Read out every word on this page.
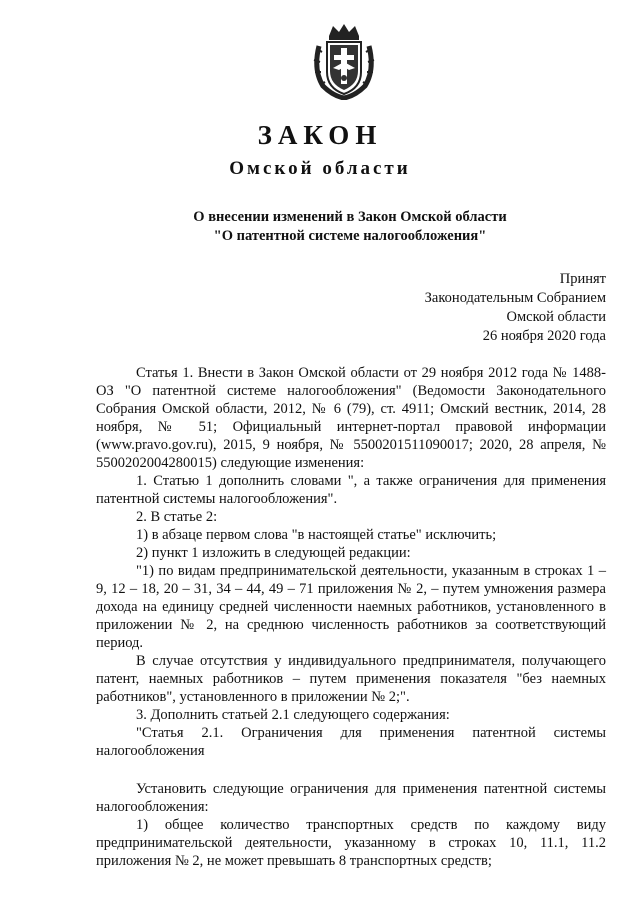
ЗАКОН
Омской области
О внесении изменений в Закон Омской области
"О патентной системе налогообложения"
Принят
Законодательным Собранием
Омской области
26 ноября 2020 года

Статья 1. Внести в Закон Омской области от 29 ноября 2012 года № 1488-ОЗ "О патентной системе налогообложения" (Ведомости Законодательного Собрания Омской области, 2012, № 6 (79), ст. 4911; Омский вестник, 2014, 28 ноября, № 51; Официальный интернет-портал правовой информации (www.pravo.gov.ru), 2015, 9 ноября, № 5500201511090017; 2020, 28 апреля, № 5500202004280015) следующие изменения:

1. Статью 1 дополнить словами ", а также ограничения для применения патентной системы налогообложения".

2. В статье 2:

1) в абзаце первом слова "в настоящей статье" исключить;

2) пункт 1 изложить в следующей редакции:

"1) по видам предпринимательской деятельности, указанным в строках 1 – 9, 12 – 18, 20 – 31, 34 – 44, 49 – 71 приложения № 2, – путем умножения размера дохода на единицу средней численности наемных работников, установленного в приложении № 2, на среднюю численность работников за соответствующий период.

В случае отсутствия у индивидуального предпринимателя, получающего патент, наемных работников – путем применения показателя "без наемных работников", установленного в приложении № 2;".

3. Дополнить статьей 2.1 следующего содержания:

"Статья 2.1. Ограничения для применения патентной системы налогообложения

Установить следующие ограничения для применения патентной системы налогообложения:

1) общее количество транспортных средств по каждому виду предпринимательской деятельности, указанному в строках 10, 11.1, 11.2 приложения № 2, не может превышать 8 транспортных средств;
